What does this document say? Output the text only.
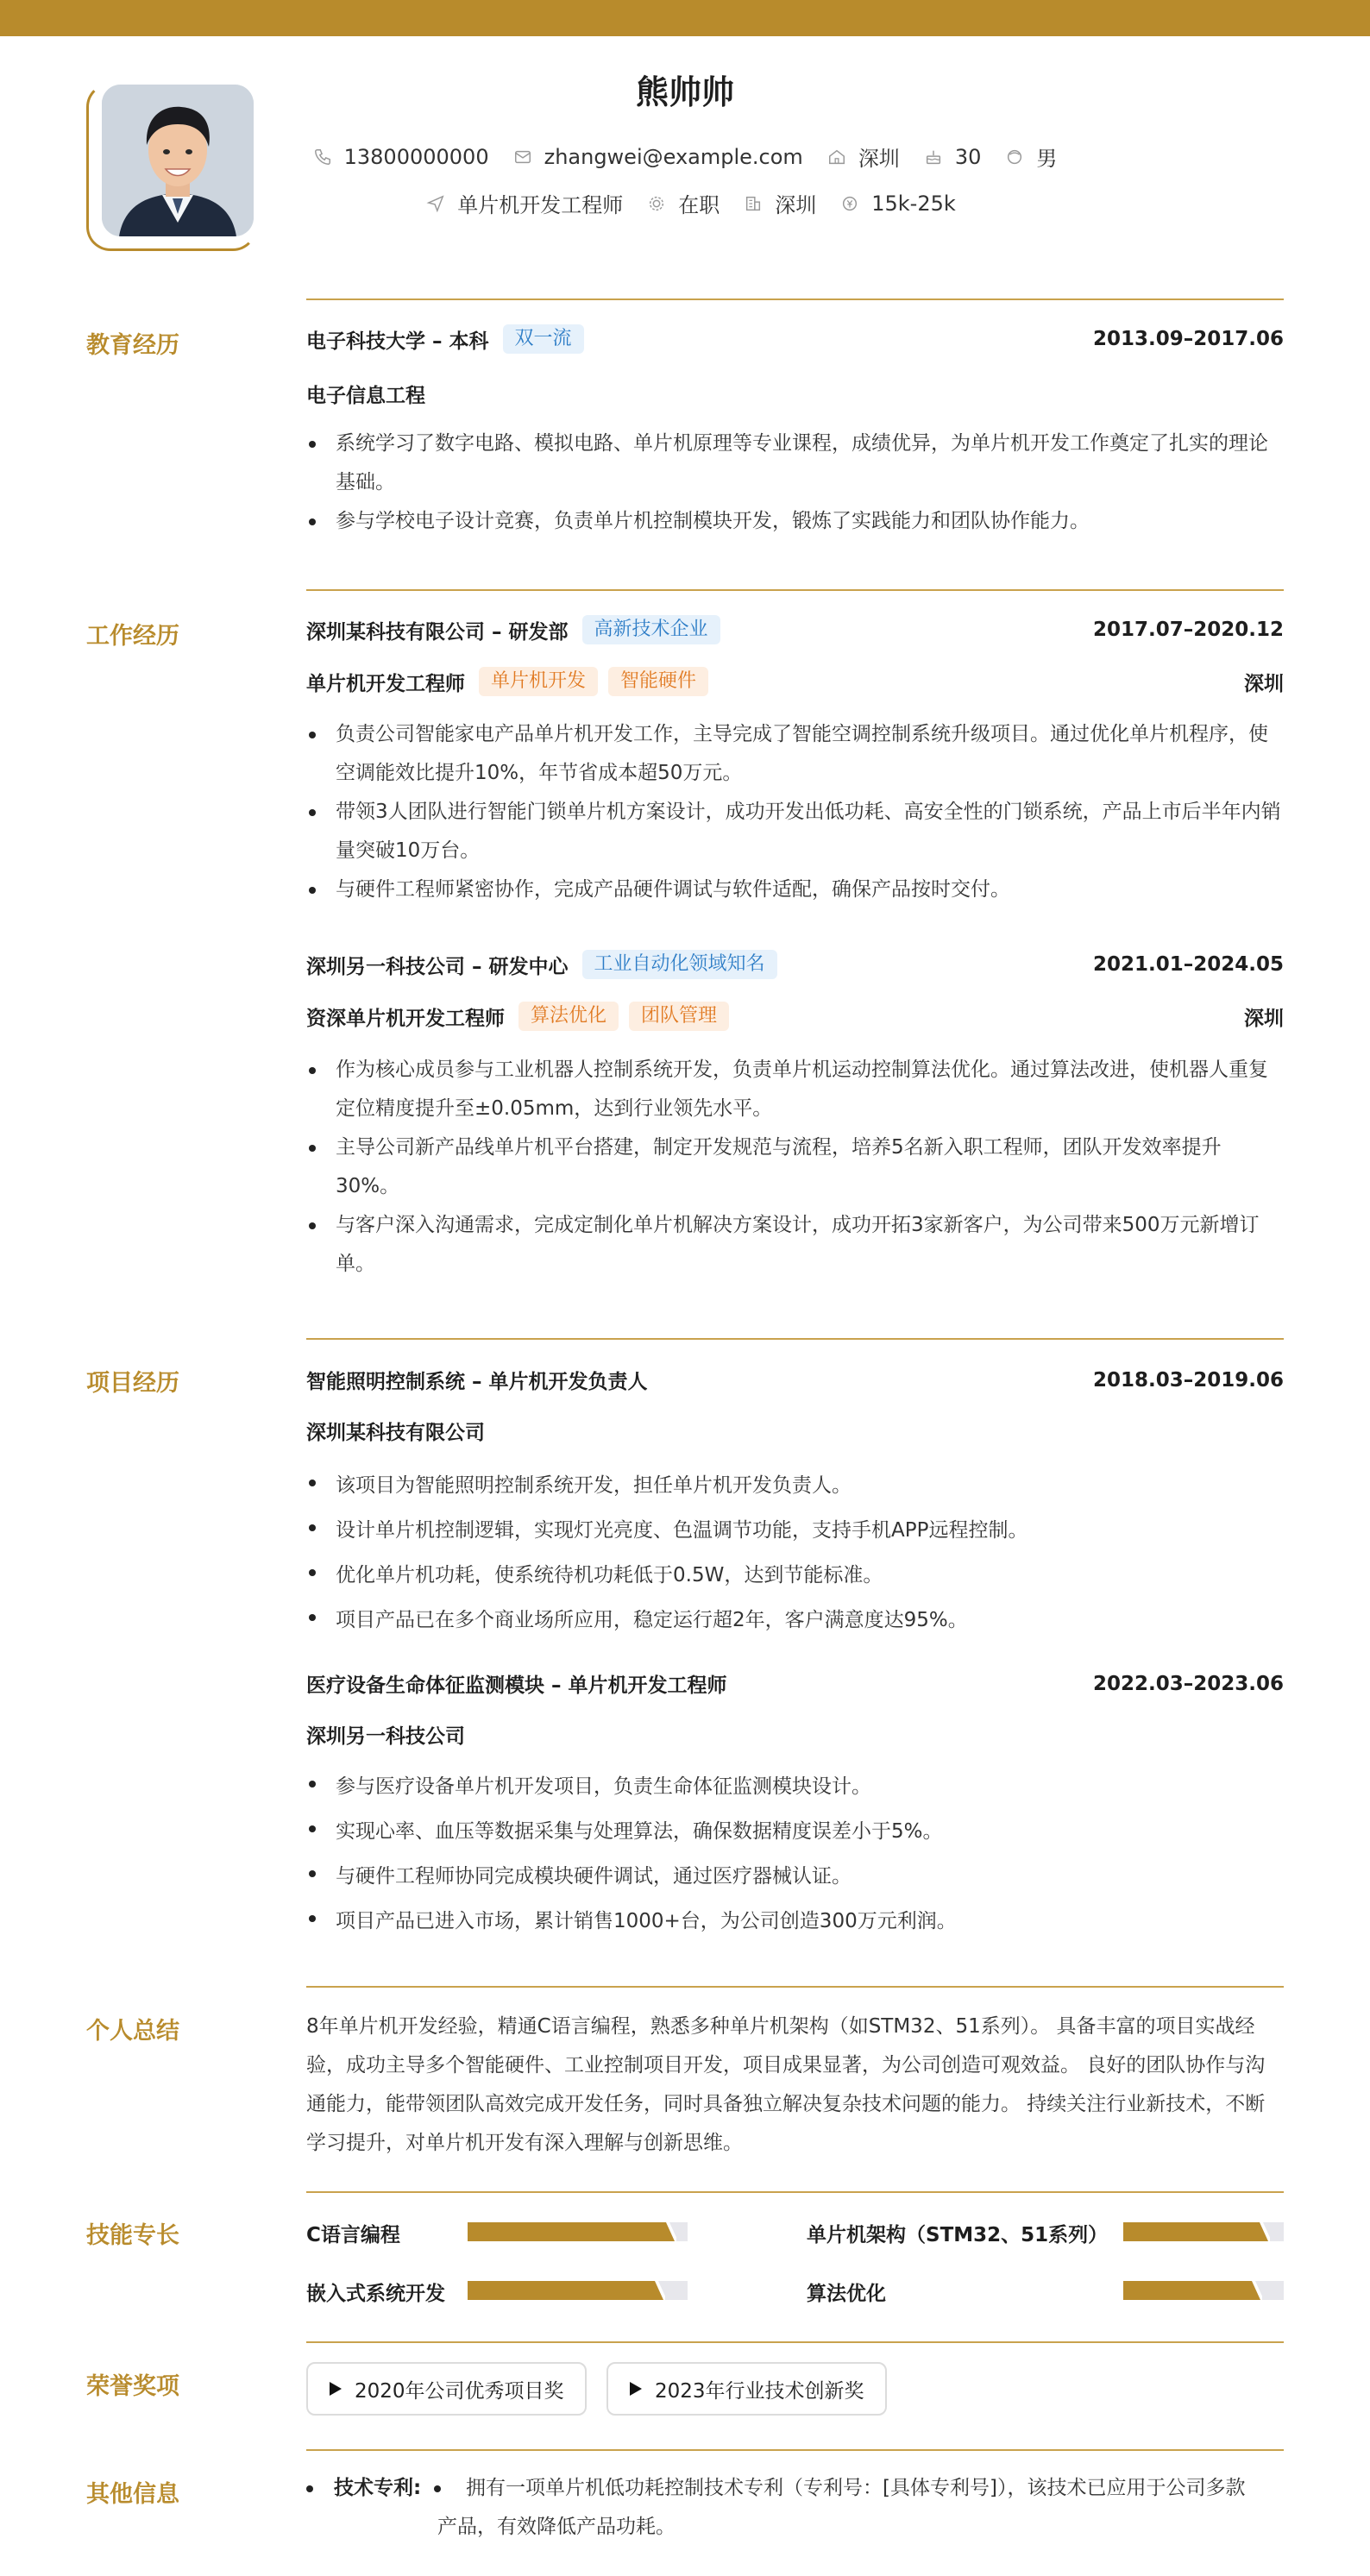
熊帅帅
13800000000	zhangwei@example.com	深圳	30	男
单片机开发工程师	在职	深圳	15k-25k
教育经历	电子科技大学 – 本科	双一流	2013.09–2017.06
电子信息工程
系统学习了数字电路、模拟电路、单片机原理等专业课程，成绩优异，为单片机开发工作奠定了扎实的理论基础。
参与学校电子设计竞赛，负责单片机控制模块开发，锻炼了实践能力和团队协作能力。
工作经历	深圳某科技有限公司 – 研发部	高新技术企业	2017.07–2020.12
单片机开发工程师	单片机开发	智能硬件	深圳
负责公司智能家电产品单片机开发工作，主导完成了智能空调控制系统升级项目。通过优化单片机程序，使空调能效比提升10%，年节省成本超50万元。
带领3人团队进行智能门锁单片机方案设计，成功开发出低功耗、高安全性的门锁系统，产品上市后半年内销量突破10万台。
与硬件工程师紧密协作，完成产品硬件调试与软件适配，确保产品按时交付。
深圳另一科技公司 – 研发中心	工业自动化领域知名	2021.01–2024.05
资深单片机开发工程师	算法优化	团队管理	深圳
作为核心成员参与工业机器人控制系统开发，负责单片机运动控制算法优化。通过算法改进，使机器人重复定位精度提升至±0.05mm，达到行业领先水平。
主导公司新产品线单片机平台搭建，制定开发规范与流程，培养5名新入职工程师，团队开发效率提升30%。
与客户深入沟通需求，完成定制化单片机解决方案设计，成功开拓3家新客户，为公司带来500万元新增订单。
项目经历	智能照明控制系统 – 单片机开发负责人	2018.03–2019.06
深圳某科技有限公司
该项目为智能照明控制系统开发，担任单片机开发负责人。
设计单片机控制逻辑，实现灯光亮度、色温调节功能，支持手机APP远程控制。
优化单片机功耗，使系统待机功耗低于0.5W，达到节能标准。
项目产品已在多个商业场所应用，稳定运行超2年，客户满意度达95%。
医疗设备生命体征监测模块 – 单片机开发工程师	2022.03–2023.06
深圳另一科技公司
参与医疗设备单片机开发项目，负责生命体征监测模块设计。
实现心率、血压等数据采集与处理算法，确保数据精度误差小于5%。
与硬件工程师协同完成模块硬件调试，通过医疗器械认证。
项目产品已进入市场，累计销售1000+台，为公司创造300万元利润。
个人总结	8年单片机开发经验，精通C语言编程，熟悉多种单片机架构（如STM32、51系列）。 具备丰富的项目实战经验，成功主导多个智能硬件、工业控制项目开发，项目成果显著，为公司创造可观效益。 良好的团队协作与沟通能力，能带领团队高效完成开发任务，同时具备独立解决复杂技术问题的能力。 持续关注行业新技术，不断学习提升，对单片机开发有深入理解与创新思维。
技能专长	C语言编程	单片机架构（STM32、51系列）
嵌入式系统开发	算法优化
荣誉奖项	2020年公司优秀项目奖	2023年行业技术创新奖
其他信息	技术专利: 拥有一项单片机低功耗控制技术专利（专利号：[具体专利号]），该技术已应用于公司多款
产品，有效降低产品功耗。
